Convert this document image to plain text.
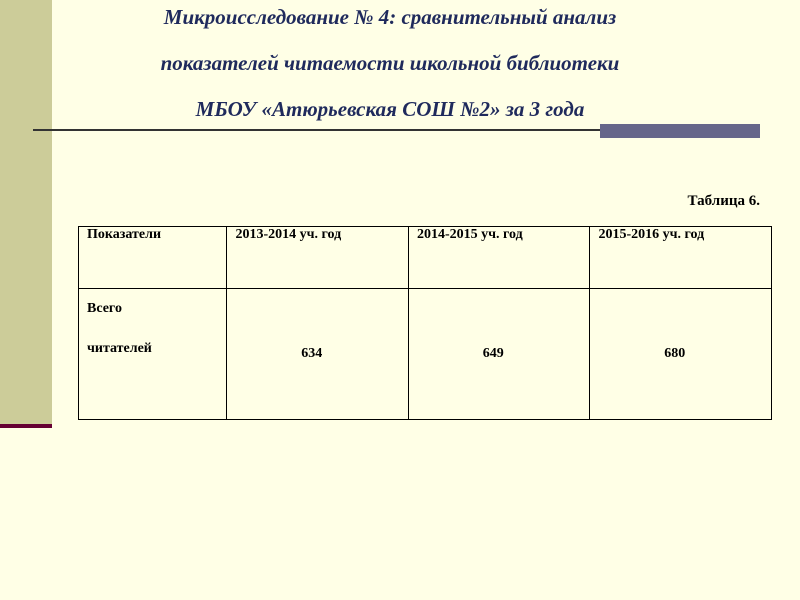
Микроисследование № 4: сравнительный анализ
показателей читаемости школьной библиотеки
МБОУ «Атюрьевская СОШ №2» за 3 года
Таблица 6.
Показатели	2013-2014 уч. год	2014-2015 уч. год	2015-2016 уч. год

Всего
читателей	634	649	680
